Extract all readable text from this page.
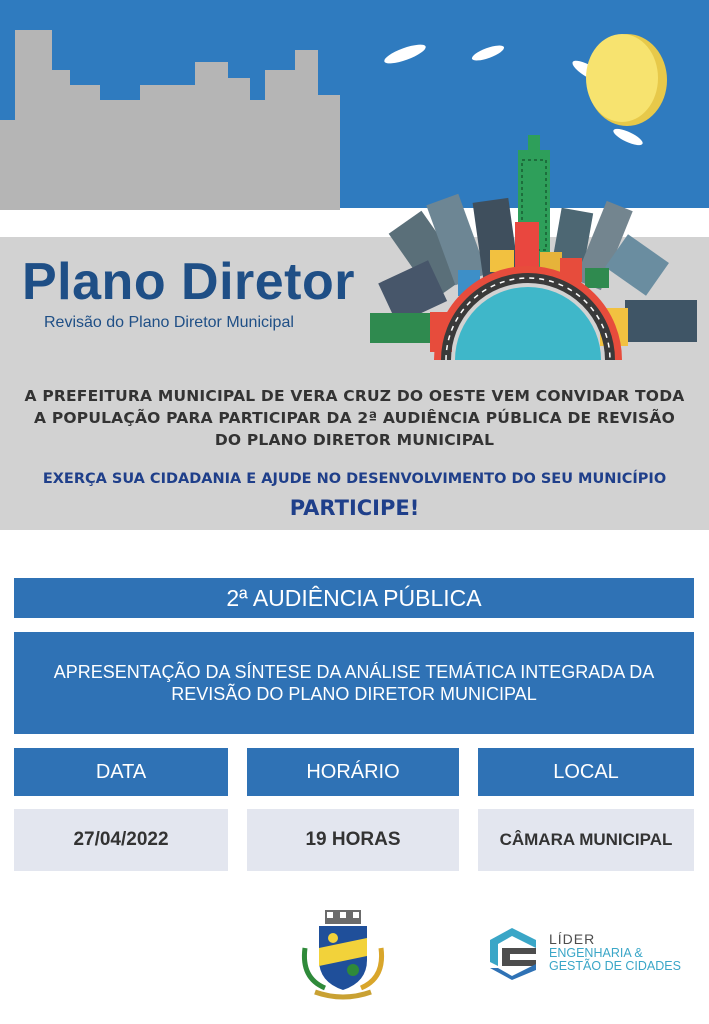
Plano Diretor
Revisão do Plano Diretor Municipal
A PREFEITURA MUNICIPAL DE VERA CRUZ DO OESTE VEM CONVIDAR TODA A POPULAÇÃO PARA PARTICIPAR DA 2ª AUDIÊNCIA PÚBLICA DE REVISÃO DO PLANO DIRETOR MUNICIPAL
EXERÇA SUA CIDADANIA E AJUDE NO DESENVOLVIMENTO DO SEU MUNICÍPIO
PARTICIPE!
2ª AUDIÊNCIA PÚBLICA
APRESENTAÇÃO DA SÍNTESE DA ANÁLISE TEMÁTICA INTEGRADA DA REVISÃO DO PLANO DIRETOR MUNICIPAL
DATA	HORÁRIO	LOCAL
27/04/2022	19 HORAS	CÂMARA MUNICIPAL
LÍDER
ENGENHARIA &
GESTÃO DE CIDADES
